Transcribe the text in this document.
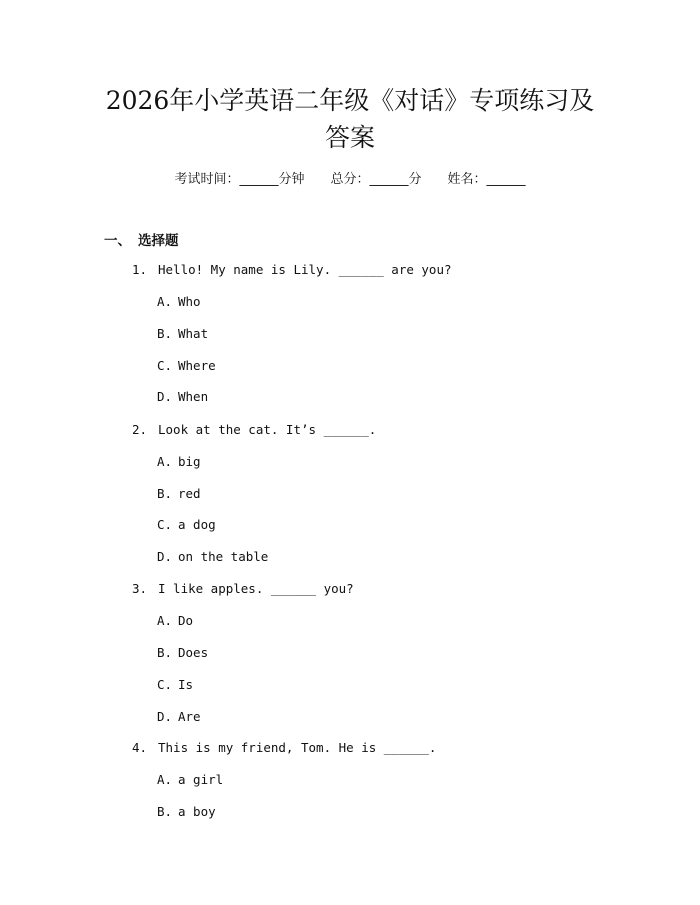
2026年小学英语二年级《对话》专项练习及
答案
考试时间：______分钟 总分：______分 姓名：______
一、 选择题
1. Hello! My name is Lily. ______ are you?
A. Who
B. What
C. Where
D. When
2. Look at the cat. It’s ______.
A. big
B. red
C. a dog
D. on the table
3. I like apples. ______ you?
A. Do
B. Does
C. Is
D. Are
4. This is my friend, Tom. He is ______.
A. a girl
B. a boy
